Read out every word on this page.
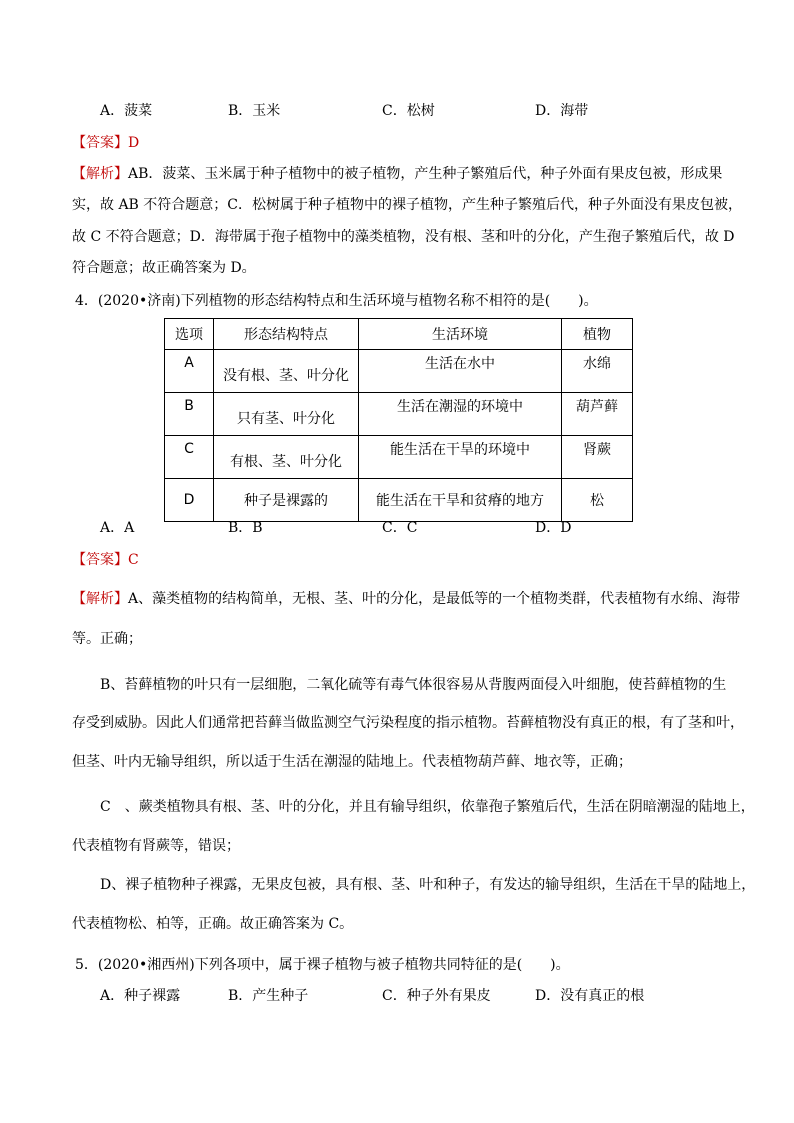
A．菠菜	B．玉米	C．松树	D．海带
【答案】D
【解析】AB．菠菜、玉米属于种子植物中的被子植物，产生种子繁殖后代，种子外面有果皮包被，形成果
实，故 AB 不符合题意；C．松树属于种子植物中的裸子植物，产生种子繁殖后代，种子外面没有果皮包被，
故 C 不符合题意；D．海带属于孢子植物中的藻类植物，没有根、茎和叶的分化，产生孢子繁殖后代，故 D
符合题意；故正确答案为 D。
4．(2020•济南)下列植物的形态结构特点和生活环境与植物名称不相符的是(　　)。
选项	形态结构特点	生活环境	植物

A	没有根、茎、叶分化	生活在水中	水绵

B	只有茎、叶分化	生活在潮湿的环境中	葫芦藓

C	有根、茎、叶分化	能生活在干旱的环境中	肾蕨

D	种子是裸露的	能生活在干旱和贫瘠的地方	松
A．A	B．B	C．C	D．D
【答案】C
【解析】A、藻类植物的结构简单，无根、茎、叶的分化，是最低等的一个植物类群，代表植物有水绵、海带
等。正确；
B、苔藓植物的叶只有一层细胞，二氧化硫等有毒气体很容易从背腹两面侵入叶细胞，使苔藓植物的生
存受到威胁。因此人们通常把苔藓当做监测空气污染程度的指示植物。苔藓植物没有真正的根，有了茎和叶，
但茎、叶内无输导组织，所以适于生活在潮湿的陆地上。代表植物葫芦藓、地衣等，正确；
C　、蕨类植物具有根、茎、叶的分化，并且有输导组织，依靠孢子繁殖后代，生活在阴暗潮湿的陆地上，
代表植物有肾蕨等，错误；
D、裸子植物种子裸露，无果皮包被，具有根、茎、叶和种子，有发达的输导组织，生活在干旱的陆地上，
代表植物松、柏等，正确。故正确答案为 C。
5．(2020•湘西州)下列各项中，属于裸子植物与被子植物共同特征的是(　　)。
A．种子裸露	B．产生种子	C．种子外有果皮	D．没有真正的根
